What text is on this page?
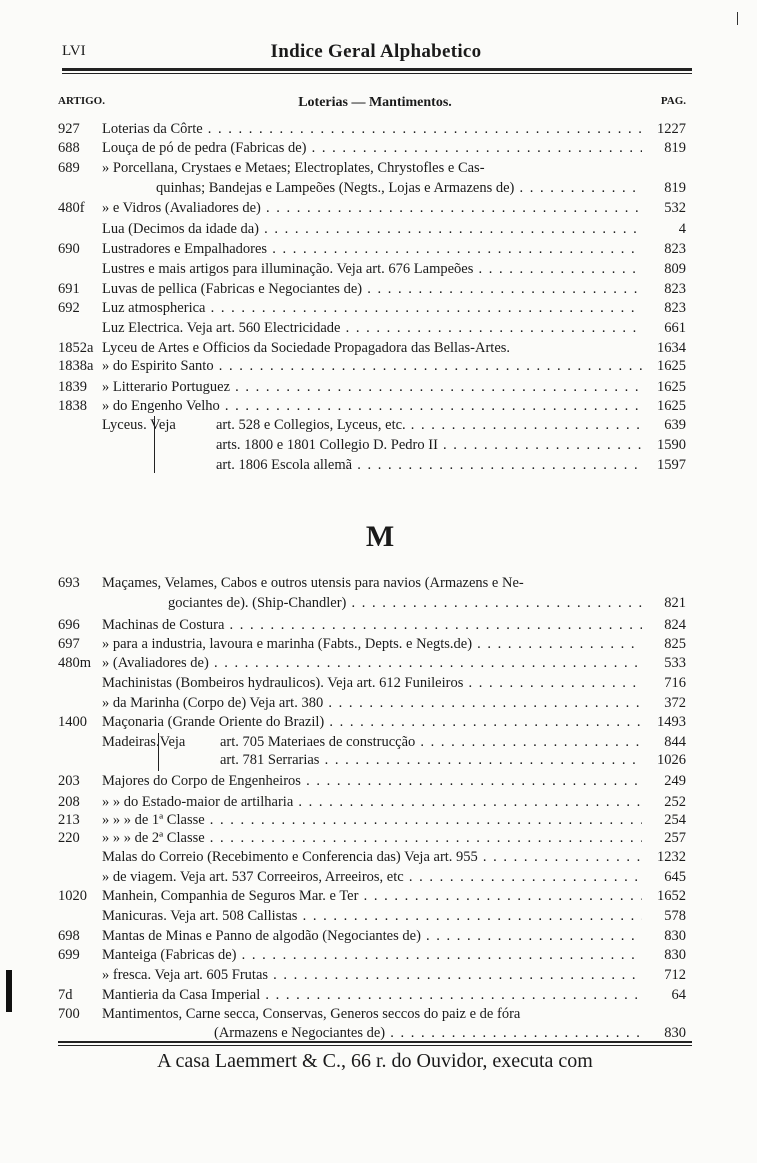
LVI	Indice Geral Alphabetico
ARTIGO.	Loterias — Mantimentos.	PAG.
M
927	Loterias da Côrte . . .	1227
688	Louça de pó de pedra (Fabricas de) . . .	819
689	» Porcellana, Crystaes e Metaes; Electroplates, Chrystofles e Cas-
quinhas; Bandejas e Lampeões (Negts., Lojas e Armazens de) . . .	819
480f	» e Vidros (Avaliadores de) . . .	532
Lua (Decimos da idade da) . . .	4
690	Lustradores e Empalhadores . . .	823
Lustres e mais artigos para illuminação. Veja art. 676 Lampeões . . .	809
691	Luvas de pellica (Fabricas e Negociantes de) . . .	823
692	Luz atmospherica . . .	823
Luz Electrica. Veja art. 560 Electricidade . . .	661
1852a Lyceu de Artes e Officios da Sociedade Propagadora das Bellas-Artes.	1634
1838a » do Espirito Santo . . .	1625
1839	» Litterario Portuguez . . .	1625
1838	» do Engenho Velho . . .	1625
Lyceus. Veja	art. 528 e Collegios, Lyceus, etc. . . .	639
arts. 1800 e 1801 Collegio D. Pedro II . . .	1590
art. 1806 Escola allemã . . .	1597
693	Maçames, Velames, Cabos e outros utensis para navios (Armazens e Ne-
gociantes de). (Ship-Chandler) . . .	821
696	Machinas de Costura . . .	824
697	» para a industria, lavoura e marinha (Fabts., Depts. e Negts.de) . . .	825
480m » (Avaliadores de) . . .	533
Machinistas (Bombeiros hydraulicos). Veja art. 612 Funileiros . . .	716
» da Marinha (Corpo de) Veja art. 380 . . .	372
1400	Maçonaria (Grande Oriente do Brazil) . . .	1493
Madeiras.Veja	art. 705 Materiaes de construcção . . .	844
art. 781 Serrarias . . .	1026
203	Majores do Corpo de Engenheiros . . .	249
208	» » do Estado-maior de artilharia . . .	252
213	» » » de 1ª Classe . . .	254
220	» » » de 2ª Classe . . .	257
Malas do Correio (Recebimento e Conferencia das) Veja art. 955 . . .	1232
» de viagem. Veja art. 537 Correeiros, Arreeiros, etc . . .	645
1020	Manhein, Companhia de Seguros Mar. e Ter . . .	1652
Manicuras. Veja art. 508 Callistas . . .	578
698	Mantas de Minas e Panno de algodão (Negociantes de) . . .	830
699	Manteiga (Fabricas de) . . .	830
» fresca. Veja art. 605 Frutas . . .	712
7d	Mantieria da Casa Imperial . . .	64
700	Mantimentos, Carne secca, Conservas, Generos seccos do paiz e de fóra
(Armazens e Negociantes de) . . .	830
A casa Laemmert & C., 66 r. do Ouvidor, executa com
